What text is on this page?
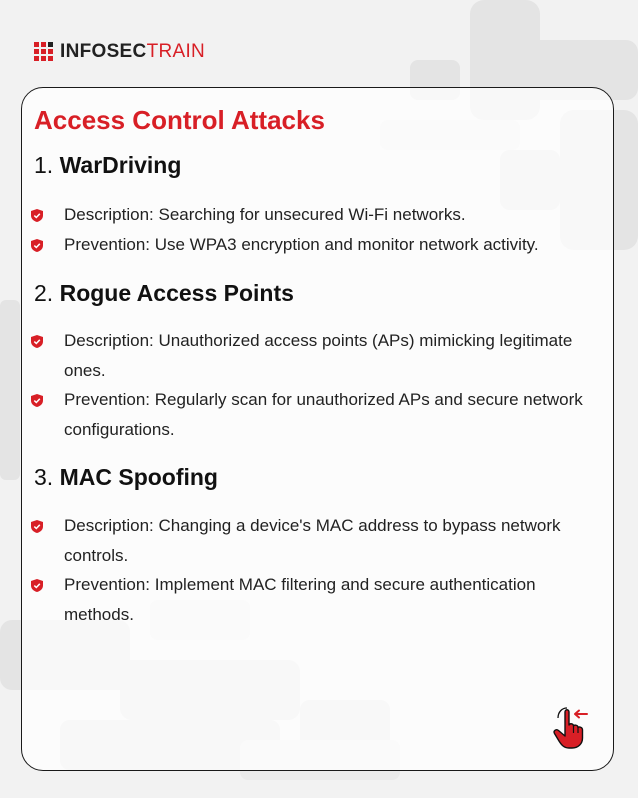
INFOSECTRAIN
Access Control Attacks
1. WarDriving
Description: Searching for unsecured Wi-Fi networks.
Prevention: Use WPA3 encryption and monitor network activity.
2. Rogue Access Points
Description: Unauthorized access points (APs) mimicking legitimate ones.
Prevention: Regularly scan for unauthorized APs and secure network configurations.
3. MAC Spoofing
Description: Changing a device's MAC address to bypass network controls.
Prevention: Implement MAC filtering and secure authentication methods.
